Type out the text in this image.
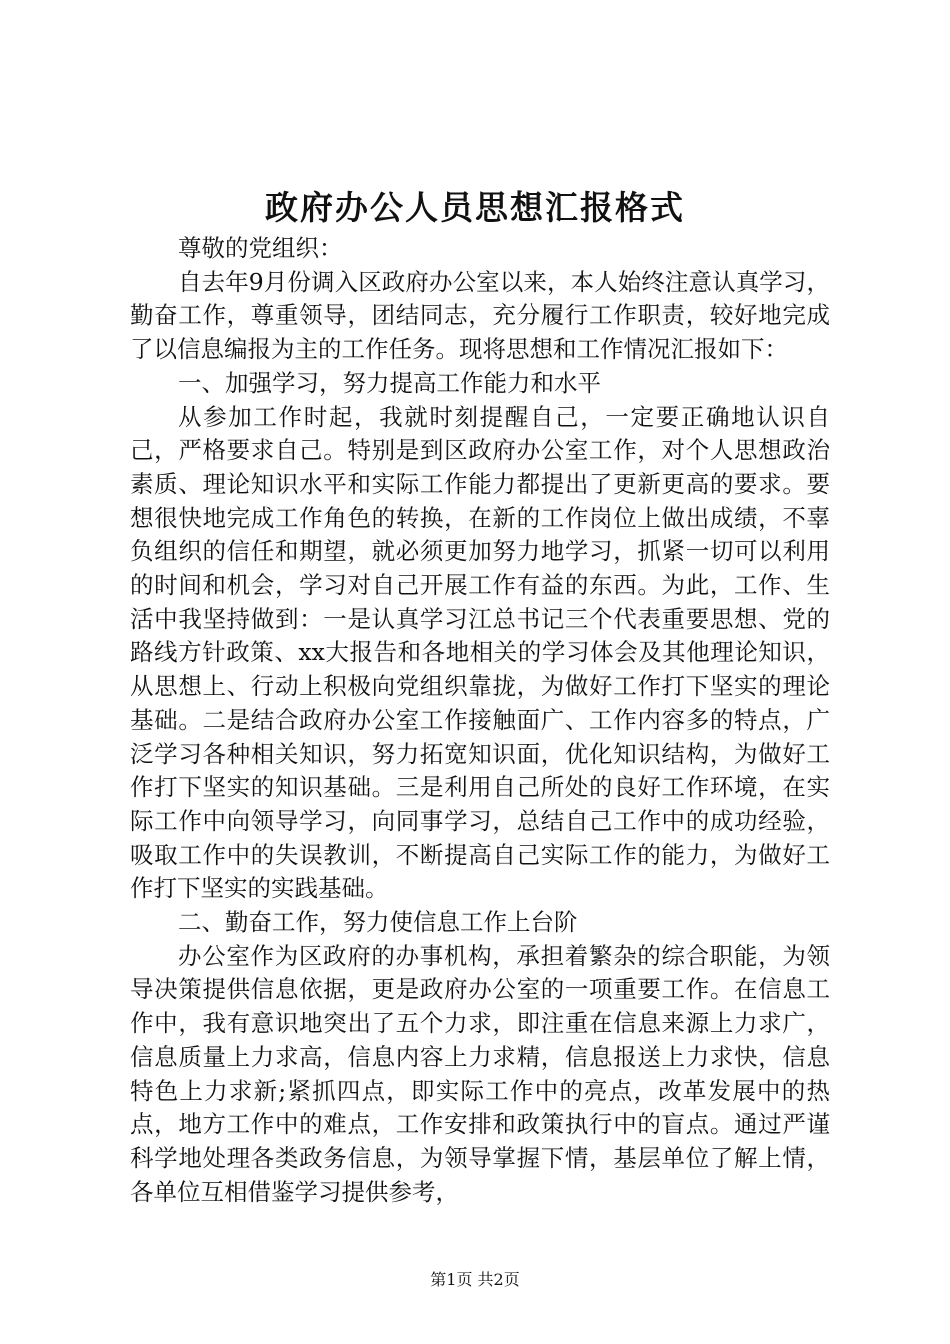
政府办公人员思想汇报格式

尊敬的党组织：

自去年9月份调入区政府办公室以来，本人始终注意认真学习，勤奋工作，尊重领导，团结同志，充分履行工作职责，较好地完成了以信息编报为主的工作任务。现将思想和工作情况汇报如下：

一、加强学习，努力提高工作能力和水平

从参加工作时起，我就时刻提醒自己，一定要正确地认识自己，严格要求自己。特别是到区政府办公室工作，对个人思想政治素质、理论知识水平和实际工作能力都提出了更新更高的要求。要想很快地完成工作角色的转换，在新的工作岗位上做出成绩，不辜负组织的信任和期望，就必须更加努力地学习，抓紧一切可以利用的时间和机会，学习对自己开展工作有益的东西。为此，工作、生活中我坚持做到：一是认真学习江总书记三个代表重要思想、党的路线方针政策、xx大报告和各地相关的学习体会及其他理论知识，从思想上、行动上积极向党组织靠拢，为做好工作打下坚实的理论基础。二是结合政府办公室工作接触面广、工作内容多的特点，广泛学习各种相关知识，努力拓宽知识面，优化知识结构，为做好工作打下坚实的知识基础。三是利用自己所处的良好工作环境，在实际工作中向领导学习，向同事学习，总结自己工作中的成功经验，吸取工作中的失误教训，不断提高自己实际工作的能力，为做好工作打下坚实的实践基础。

二、勤奋工作，努力使信息工作上台阶

办公室作为区政府的办事机构，承担着繁杂的综合职能，为领导决策提供信息依据，更是政府办公室的一项重要工作。在信息工作中，我有意识地突出了五个力求，即注重在信息来源上力求广，信息质量上力求高，信息内容上力求精，信息报送上力求快，信息特色上力求新;紧抓四点，即实际工作中的亮点，改革发展中的热点，地方工作中的难点，工作安排和政策执行中的盲点。通过严谨科学地处理各类政务信息，为领导掌握下情，基层单位了解上情，各单位互相借鉴学习提供参考，

第1页 共2页
